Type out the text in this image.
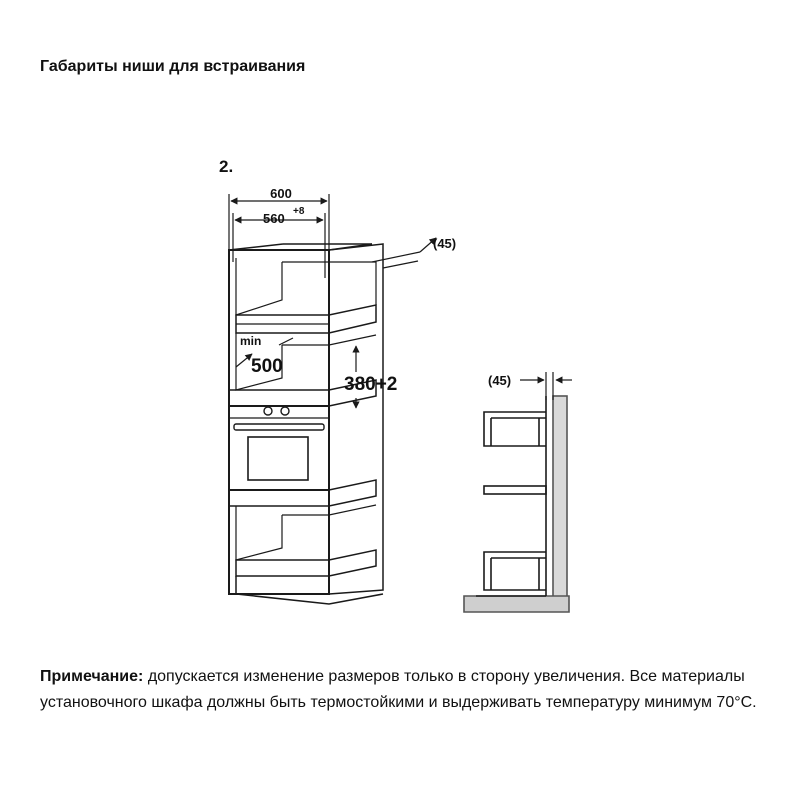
Габариты ниши для встраивания
2.
600
560 +8
(45)
min
500
380+2	(45)

Примечание: допускается изменение размеров только в сторону увеличения. Все материалы установочного шкафа должны быть термостойкими и выдерживать температуру минимум 70°С.
